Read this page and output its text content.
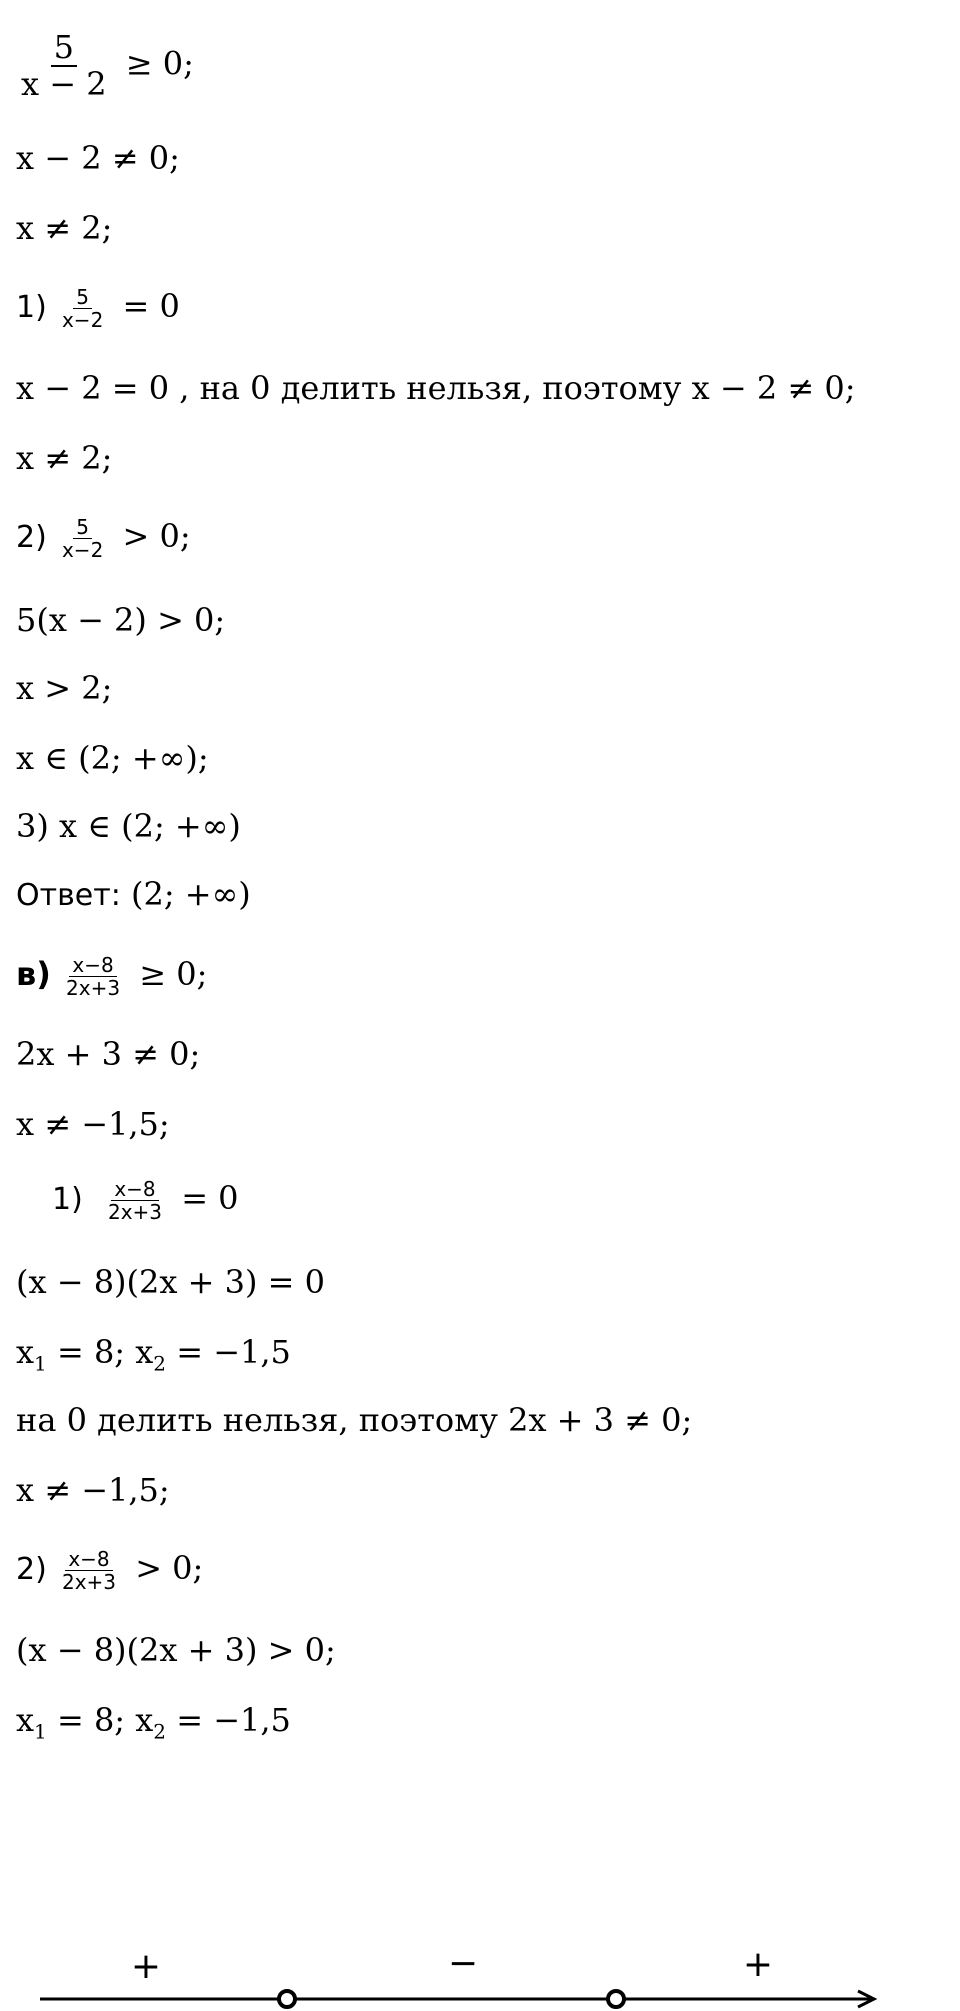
$\frac{5}{x - 2} \ge 0$;
x − 2 ≠ 0;
x ≠ 2;
$1) \frac{5}{x-2} = 0$
x − 2 = 0 , на 0 делить нельзя, поэтому x − 2 ≠ 0;
x ≠ 2;
$2) \frac{5}{x-2} > 0$;
5(x − 2) > 0;
x > 2;
x ∈ (2; +∞);
3) x ∈ (2; +∞)
Ответ: (2; +∞)
$в) \frac{x-8}{2x+3} \ge 0$;
2x + 3 ≠ 0;
x ≠ −1,5;
$1) \frac{x-8}{2x+3} = 0$
(x − 8)(2x + 3) = 0
$x_1 = 8$; $x_2 = -1,5$
на 0 делить нельзя, поэтому 2x + 3 ≠ 0;
x ≠ −1,5;
$2) \frac{x-8}{2x+3} > 0$;
(x − 8)(2x + 3) > 0;
$x_1 = 8$; $x_2 = -1,5$
+	−	+
